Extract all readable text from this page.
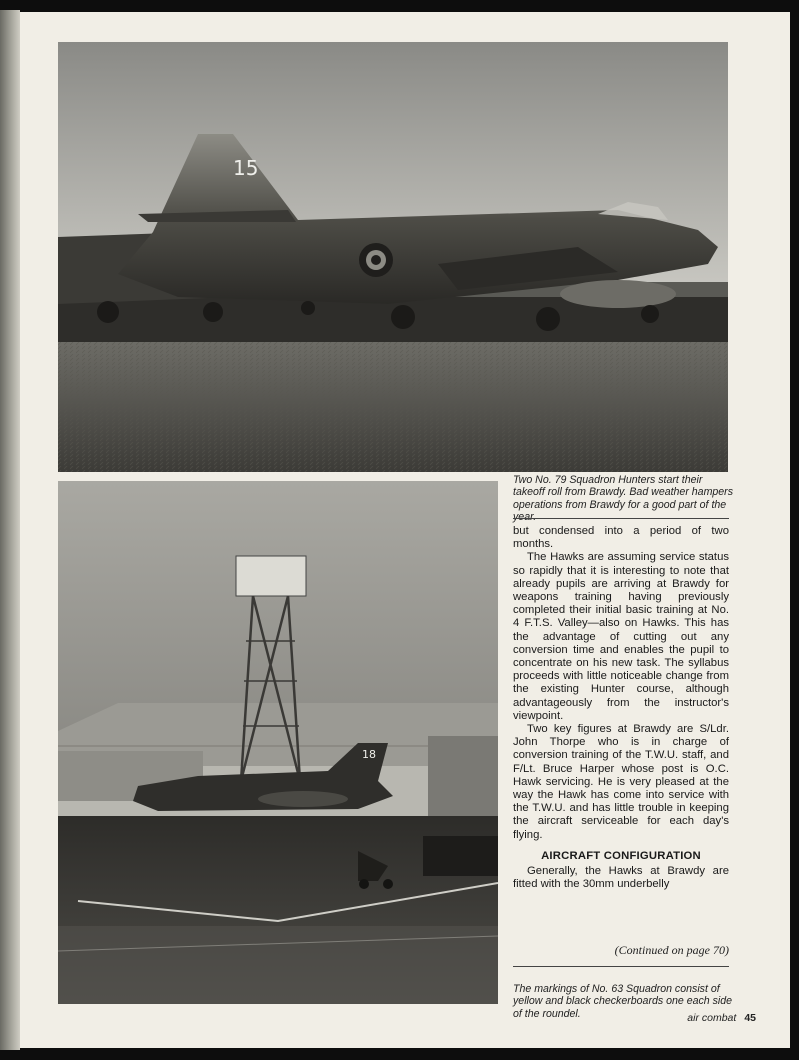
15

Two No. 79 Squadron Hunters start their takeoff roll from Brawdy. Bad weather hampers operations from Brawdy for a good part of the year.

18

but condensed into a period of two months.

The Hawks are assuming service status so rapidly that it is interesting to note that already pupils are arriving at Brawdy for weapons training having previously completed their initial basic training at No. 4 F.T.S. Valley—also on Hawks. This has the advantage of cutting out any conversion time and enables the pupil to concentrate on his new task. The syllabus proceeds with little noticeable change from the existing Hunter course, although advantageously from the instructor's viewpoint.

Two key figures at Brawdy are S/Ldr. John Thorpe who is in charge of conversion training of the T.W.U. staff, and F/Lt. Bruce Harper whose post is O.C. Hawk servicing. He is very pleased at the way the Hawk has come into service with the T.W.U. and has little trouble in keeping the aircraft serviceable for each day's flying.

AIRCRAFT CONFIGURATION

Generally, the Hawks at Brawdy are fitted with the 30mm underbelly

(Continued on page 70)

The markings of No. 63 Squadron consist of yellow and black checkerboards one each side of the roundel.	air combat 45
